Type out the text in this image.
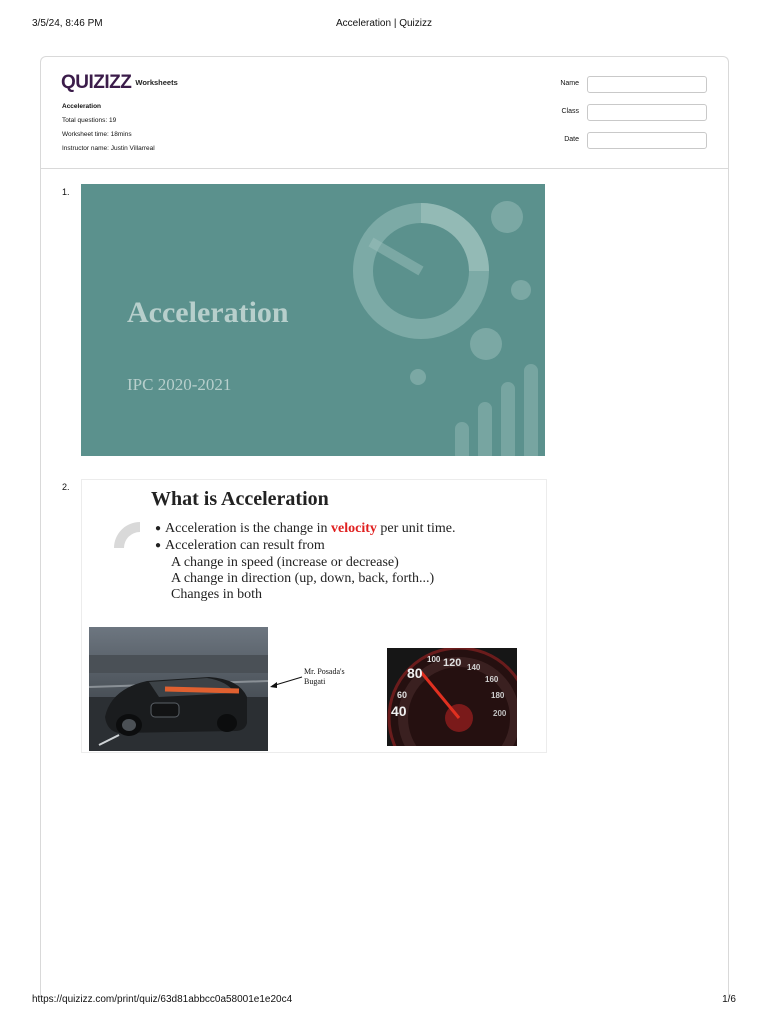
3/5/24, 8:46 PM	Acceleration | Quizizz
QUIZIZZ Worksheets
Acceleration
Total questions: 19
Worksheet time: 18mins
Instructor name: Justin Villarreal
Name
Class
Date
1.
Acceleration
IPC 2020-2021
2.
What is Acceleration
● Acceleration is the change in velocity per unit time.
● Acceleration can result from
A change in speed (increase or decrease)
A change in direction (up, down, back, forth...)
Changes in both
Mr. Posada's
Bugati
80
100 120 140
160
180
200
60
40
https://quizizz.com/print/quiz/63d81abbcc0a58001e1e20c4	1/6
